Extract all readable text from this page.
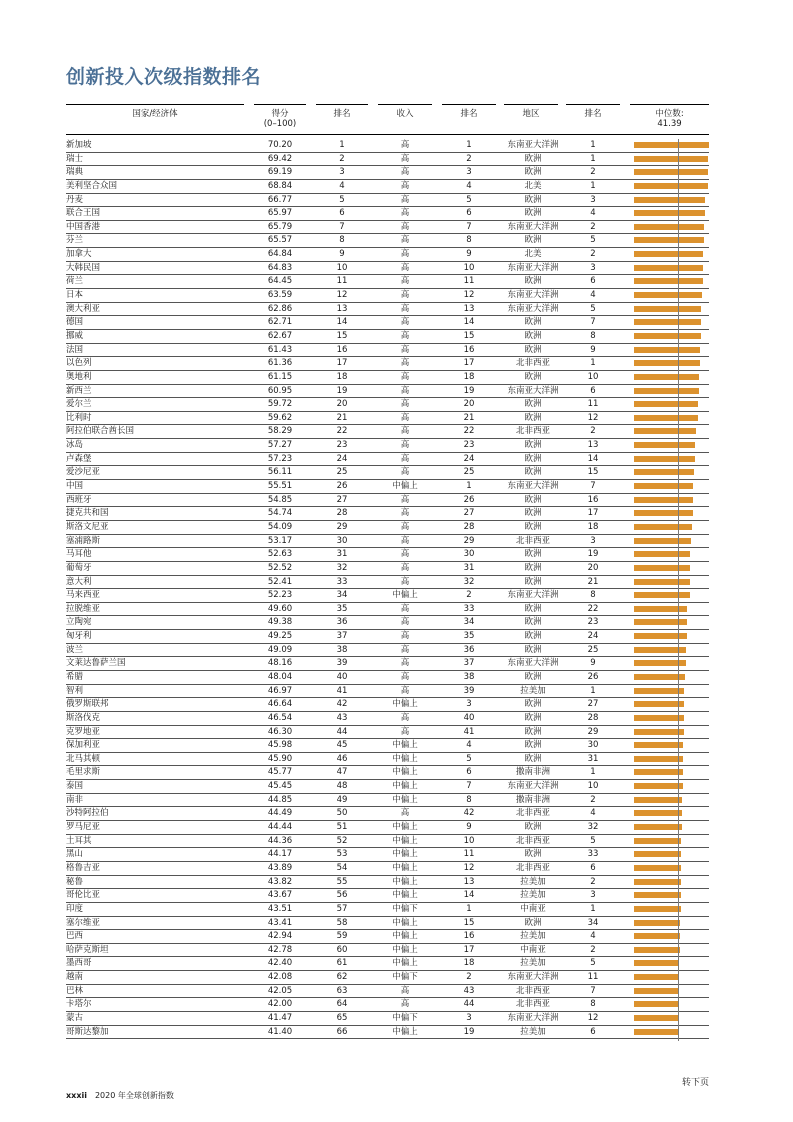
创新投入次级指数排名
国家/经济体	得分
(0–100)
排名	收入	排名	地区	排名	中位数:
41.39
新加坡	70.20	1	高	1	东南亚大洋洲	1
瑞士	69.42	2	高	2	欧洲	1
瑞典	69.19	3	高	3	欧洲	2
美利坚合众国	68.84	4	高	4	北美	1
丹麦	66.77	5	高	5	欧洲	3
联合王国	65.97	6	高	6	欧洲	4
中国香港	65.79	7	高	7	东南亚大洋洲	2
芬兰	65.57	8	高	8	欧洲	5
加拿大	64.84	9	高	9	北美	2
大韩民国	64.83	10	高	10	东南亚大洋洲	3
荷兰	64.45	11	高	11	欧洲	6
日本	63.59	12	高	12	东南亚大洋洲	4
澳大利亚	62.86	13	高	13	东南亚大洋洲	5
德国	62.71	14	高	14	欧洲	7
挪威	62.67	15	高	15	欧洲	8
法国	61.43	16	高	16	欧洲	9
以色列	61.36	17	高	17	北非西亚	1
奥地利	61.15	18	高	18	欧洲	10
新西兰	60.95	19	高	19	东南亚大洋洲	6
爱尔兰	59.72	20	高	20	欧洲	11
比利时	59.62	21	高	21	欧洲	12
阿拉伯联合酋长国	58.29	22	高	22	北非西亚	2
冰岛	57.27	23	高	23	欧洲	13
卢森堡	57.23	24	高	24	欧洲	14
爱沙尼亚	56.11	25	高	25	欧洲	15
中国	55.51	26	中偏上	1	东南亚大洋洲	7
西班牙	54.85	27	高	26	欧洲	16
捷克共和国	54.74	28	高	27	欧洲	17
斯洛文尼亚	54.09	29	高	28	欧洲	18
塞浦路斯	53.17	30	高	29	北非西亚	3
马耳他	52.63	31	高	30	欧洲	19
葡萄牙	52.52	32	高	31	欧洲	20
意大利	52.41	33	高	32	欧洲	21
马来西亚	52.23	34	中偏上	2	东南亚大洋洲	8
拉脱维亚	49.60	35	高	33	欧洲	22
立陶宛	49.38	36	高	34	欧洲	23
匈牙利	49.25	37	高	35	欧洲	24
波兰	49.09	38	高	36	欧洲	25
文莱达鲁萨兰国	48.16	39	高	37	东南亚大洋洲	9
希腊	48.04	40	高	38	欧洲	26
智利	46.97	41	高	39	拉美加	1
俄罗斯联邦	46.64	42	中偏上	3	欧洲	27
斯洛伐克	46.54	43	高	40	欧洲	28
克罗地亚	46.30	44	高	41	欧洲	29
保加利亚	45.98	45	中偏上	4	欧洲	30
北马其顿	45.90	46	中偏上	5	欧洲	31
毛里求斯	45.77	47	中偏上	6	撒南非洲	1
泰国	45.45	48	中偏上	7	东南亚大洋洲	10
南非	44.85	49	中偏上	8	撒南非洲	2
沙特阿拉伯	44.49	50	高	42	北非西亚	4
罗马尼亚	44.44	51	中偏上	9	欧洲	32
土耳其	44.36	52	中偏上	10	北非西亚	5
黑山	44.17	53	中偏上	11	欧洲	33
格鲁吉亚	43.89	54	中偏上	12	北非西亚	6
秘鲁	43.82	55	中偏上	13	拉美加	2
哥伦比亚	43.67	56	中偏上	14	拉美加	3
印度	43.51	57	中偏下	1	中南亚	1
塞尔维亚	43.41	58	中偏上	15	欧洲	34
巴西	42.94	59	中偏上	16	拉美加	4
哈萨克斯坦	42.78	60	中偏上	17	中南亚	2
墨西哥	42.40	61	中偏上	18	拉美加	5
越南	42.08	62	中偏下	2	东南亚大洋洲	11
巴林	42.05	63	高	43	北非西亚	7
卡塔尔	42.00	64	高	44	北非西亚	8
蒙古	41.47	65	中偏下	3	东南亚大洋洲	12
哥斯达黎加	41.40	66	中偏上	19	拉美加	6
xxxii 2020 年全球创新指数
转下页
